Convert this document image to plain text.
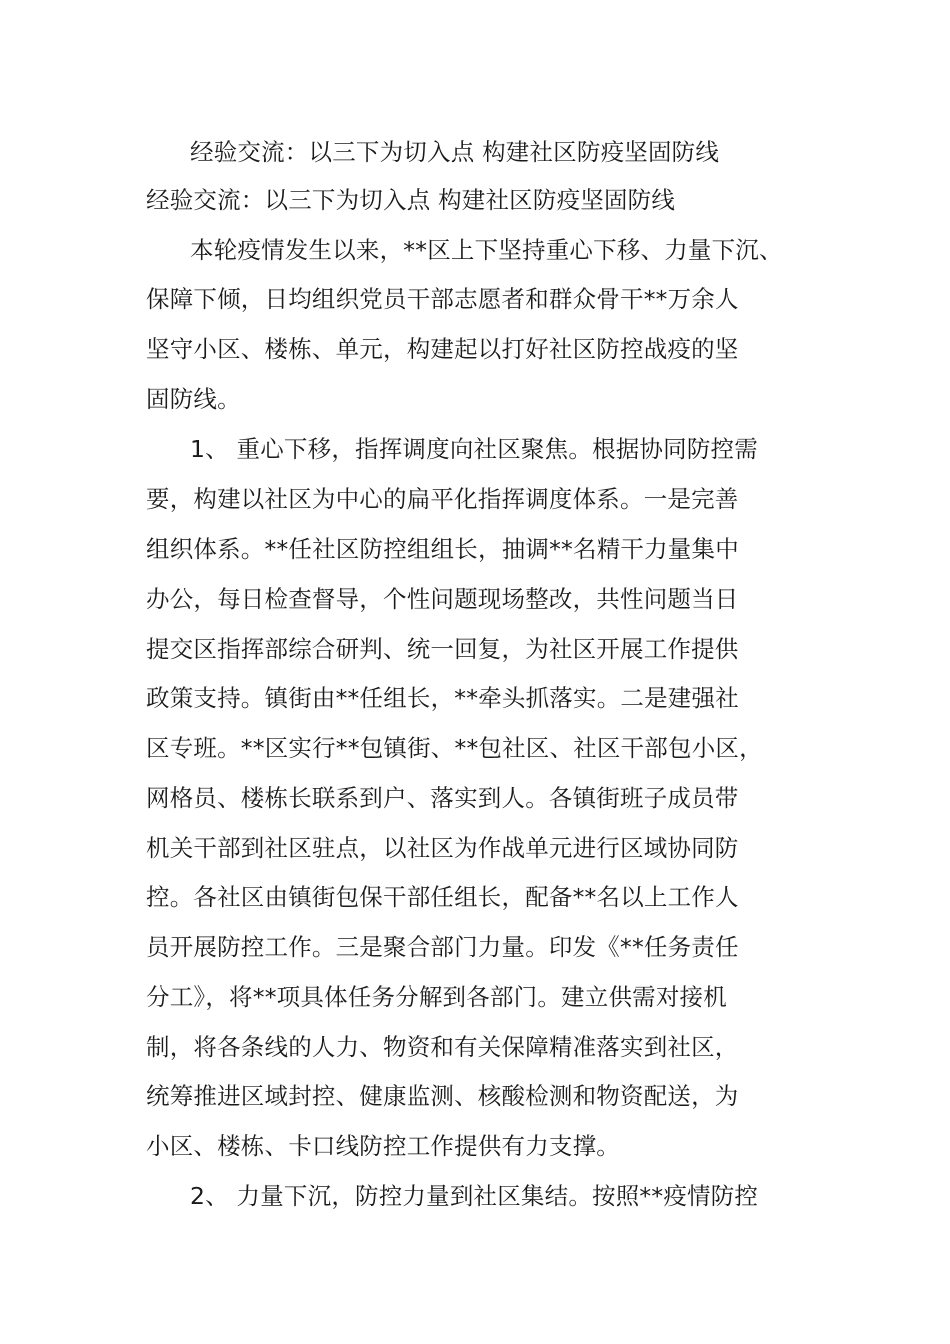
经验交流：以三下为切入点 构建社区防疫坚固防线
经验交流：以三下为切入点 构建社区防疫坚固防线
本轮疫情发生以来，**区上下坚持重心下移、力量下沉、
保障下倾，日均组织党员干部志愿者和群众骨干**万余人
坚守小区、楼栋、单元，构建起以打好社区防控战疫的坚
固防线。
1、 重心下移，指挥调度向社区聚焦。根据协同防控需
要，构建以社区为中心的扁平化指挥调度体系。一是完善
组织体系。**任社区防控组组长，抽调**名精干力量集中
办公，每日检查督导，个性问题现场整改，共性问题当日
提交区指挥部综合研判、统一回复，为社区开展工作提供
政策支持。镇街由**任组长，**牵头抓落实。二是建强社
区专班。**区实行**包镇街、**包社区、社区干部包小区，
网格员、楼栋长联系到户、落实到人。各镇街班子成员带
机关干部到社区驻点，以社区为作战单元进行区域协同防
控。各社区由镇街包保干部任组长，配备**名以上工作人
员开展防控工作。三是聚合部门力量。印发《**任务责任
分工》，将**项具体任务分解到各部门。建立供需对接机
制，将各条线的人力、物资和有关保障精准落实到社区，
统筹推进区域封控、健康监测、核酸检测和物资配送，为
小区、楼栋、卡口线防控工作提供有力支撑。
2、 力量下沉，防控力量到社区集结。按照**疫情防控
